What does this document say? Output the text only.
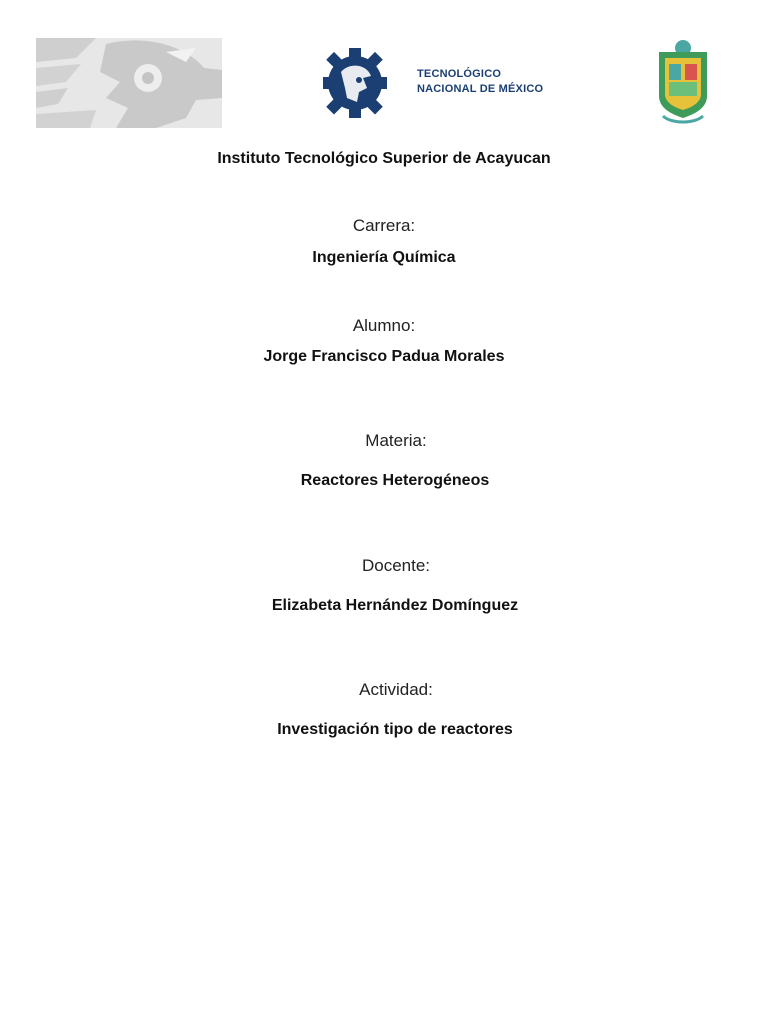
TECNOLÓGICO
NACIONAL DE MÉXICO
Instituto Tecnológico Superior de Acayucan
Carrera:
Ingeniería Química
Alumno:
Jorge Francisco Padua Morales
Materia:
Reactores Heterogéneos
Docente:
Elizabeta Hernández Domínguez
Actividad:
Investigación tipo de reactores
